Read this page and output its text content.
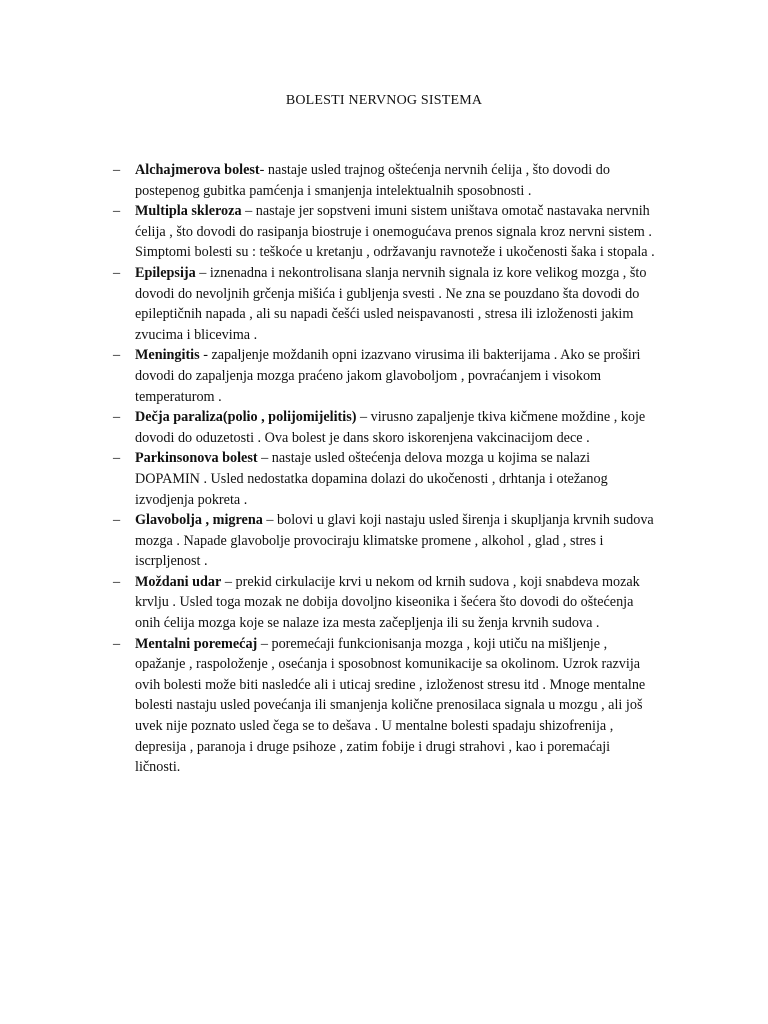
BOLESTI NERVNOG SISTEMA
– Alchajmerova bolest- nastaje usled trajnog oštećenja nervnih ćelija , što dovodi do postepenog gubitka pamćenja i smanjenja intelektualnih sposobnosti .
– Multipla skleroza – nastaje jer sopstveni imuni sistem uništava omotač nastavaka nervnih ćelija , što dovodi do rasipanja biostruje i onemogućava prenos signala kroz nervni sistem . Simptomi bolesti su : teškoće u kretanju , održavanju ravnoteže i ukočenosti šaka i stopala .
– Epilepsija – iznenadna i nekontrolisana slanja nervnih signala iz kore velikog mozga , što dovodi do nevoljnih grčenja mišića i gubljenja svesti . Ne zna se pouzdano šta dovodi do epileptičnih napada , ali su napadi češći usled neispavanosti , stresa ili izloženosti jakim zvucima i blicevima .
– Meningitis - zapaljenje moždanih opni izazvano virusima ili bakterijama . Ako se proširi dovodi do zapaljenja mozga praćeno jakom glavoboljom , povraćanjem i visokom temperaturom .
– Dečja paraliza(polio , polijomijelitis) – virusno zapaljenje tkiva kičmene moždine , koje dovodi do oduzetosti . Ova bolest je dans skoro iskorenjena vakcinacijom dece .
– Parkinsonova bolest – nastaje usled oštećenja delova mozga u kojima se nalazi DOPAMIN . Usled nedostatka dopamina dolazi do ukočenosti , drhtanja i otežanog izvodjenja pokreta .
– Glavobolja , migrena – bolovi u glavi koji nastaju usled širenja i skupljanja krvnih sudova mozga . Napade glavobolje provociraju klimatske promene , alkohol , glad , stres i iscrpljenost .
– Moždani udar – prekid cirkulacije krvi u nekom od krnih sudova , koji snabdeva mozak krvlju . Usled toga mozak ne dobija dovoljno kiseonika i šećera što dovodi do oštećenja onih ćelija mozga koje se nalaze iza mesta začepljenja ili su ženja krvnih sudova .
– Mentalni poremećaj – poremećaji funkcionisanja mozga , koji utiču na mišljenje , opažanje , raspoloženje , osećanja i sposobnost komunikacije sa okolinom. Uzrok razvija ovih bolesti može biti nasledće ali i uticaj sredine , izloženost stresu itd . Mnoge mentalne bolesti nastaju usled povećanja ili smanjenja količne prenosilaca signala u mozgu , ali još uvek nije poznato usled čega se to dešava . U mentalne bolesti spadaju shizofrenija , depresija , paranoja i druge psihoze , zatim fobije i drugi strahovi , kao i poremaćaji ličnosti.
